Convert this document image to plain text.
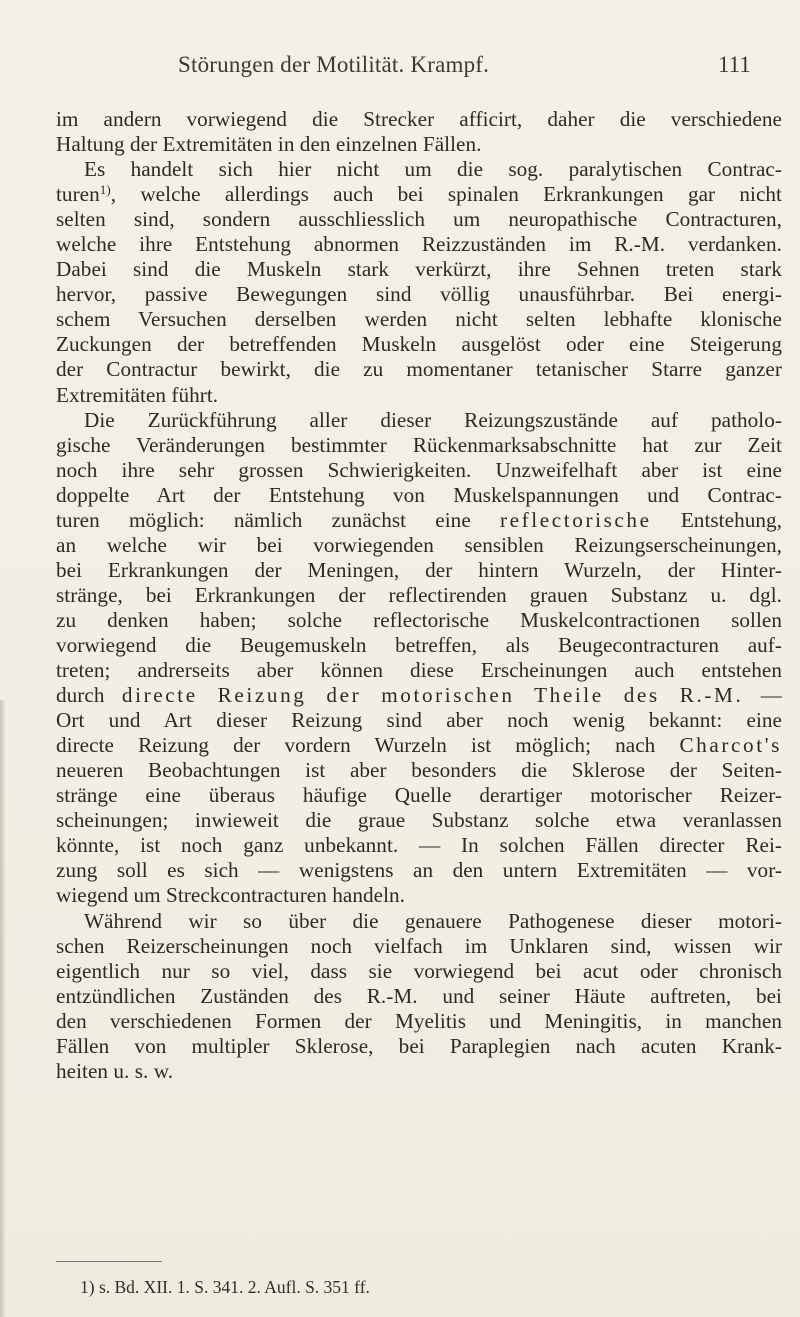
Störungen der Motilität. Krampf.	111
im andern vorwiegend die Strecker afficirt, daher die verschiedene
Haltung der Extremitäten in den einzelnen Fällen.
Es handelt sich hier nicht um die sog. paralytischen Contrac-
turen$^{1)}$, welche allerdings auch bei spinalen Erkrankungen gar nicht
selten sind, sondern ausschliesslich um neuropathische Contracturen,
welche ihre Entstehung abnormen Reizzuständen im R.-M. verdanken.
Dabei sind die Muskeln stark verkürzt, ihre Sehnen treten stark
hervor, passive Bewegungen sind völlig unausführbar. Bei energi-
schem Versuchen derselben werden nicht selten lebhafte klonische
Zuckungen der betreffenden Muskeln ausgelöst oder eine Steigerung
der Contractur bewirkt, die zu momentaner tetanischer Starre ganzer
Extremitäten führt.
Die Zurückführung aller dieser Reizungszustände auf patholo-
gische Veränderungen bestimmter Rückenmarksabschnitte hat zur Zeit
noch ihre sehr grossen Schwierigkeiten. Unzweifelhaft aber ist eine
doppelte Art der Entstehung von Muskelspannungen und Contrac-
turen möglich: nämlich zunächst eine reflectorische Entstehung,
an welche wir bei vorwiegenden sensiblen Reizungserscheinungen,
bei Erkrankungen der Meningen, der hintern Wurzeln, der Hinter-
stränge, bei Erkrankungen der reflectirenden grauen Substanz u. dgl.
zu denken haben; solche reflectorische Muskelcontractionen sollen
vorwiegend die Beugemuskeln betreffen, als Beugecontracturen auf-
treten; andrerseits aber können diese Erscheinungen auch entstehen
durch directe Reizung der motorischen Theile des R.-M. —
Ort und Art dieser Reizung sind aber noch wenig bekannt: eine
directe Reizung der vordern Wurzeln ist möglich; nach Charcot's
neueren Beobachtungen ist aber besonders die Sklerose der Seiten-
stränge eine überaus häufige Quelle derartiger motorischer Reizer-
scheinungen; inwieweit die graue Substanz solche etwa veranlassen
könnte, ist noch ganz unbekannt. — In solchen Fällen directer Rei-
zung soll es sich — wenigstens an den untern Extremitäten — vor-
wiegend um Streckcontracturen handeln.
Während wir so über die genauere Pathogenese dieser motori-
schen Reizerscheinungen noch vielfach im Unklaren sind, wissen wir
eigentlich nur so viel, dass sie vorwiegend bei acut oder chronisch
entzündlichen Zuständen des R.-M. und seiner Häute auftreten, bei
den verschiedenen Formen der Myelitis und Meningitis, in manchen
Fällen von multipler Sklerose, bei Paraplegien nach acuten Krank-
heiten u. s. w.
1) s. Bd. XII. 1. S. 341. 2. Aufl. S. 351 ff.
